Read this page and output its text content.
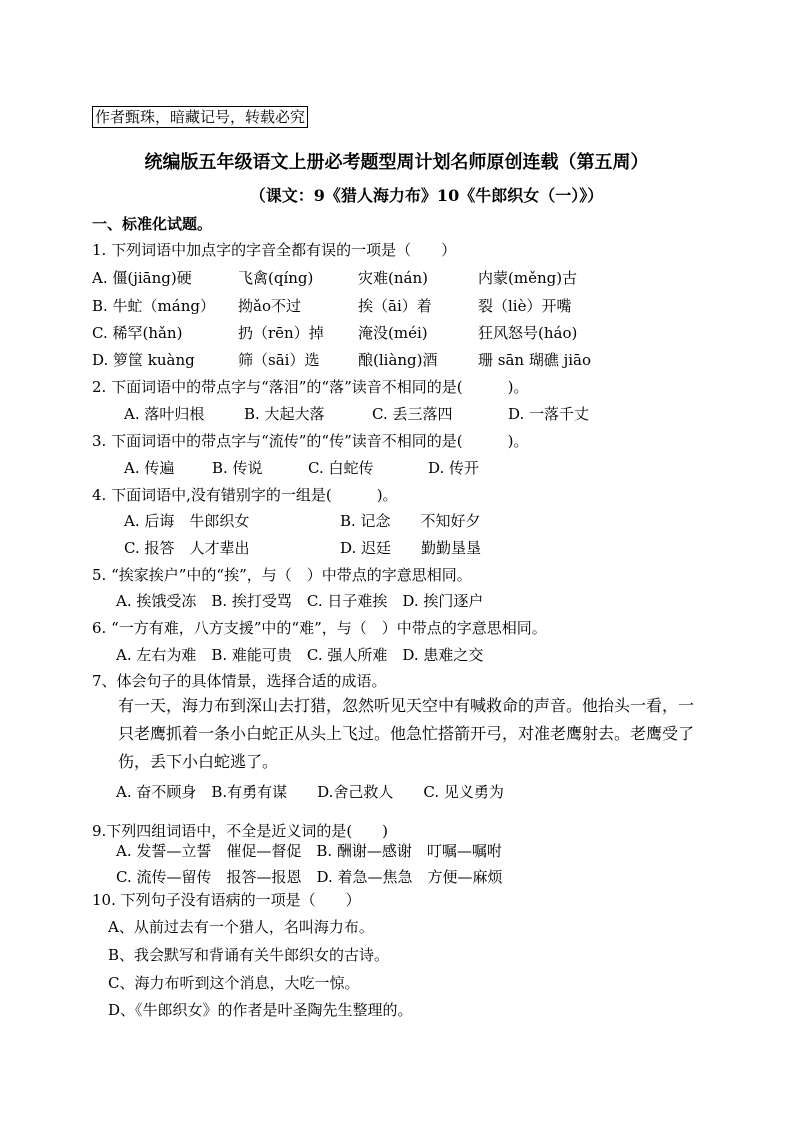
作者甄珠，暗藏记号，转载必究
统编版五年级语文上册必考题型周计划名师原创连载（第五周）
（课文：9《猎人海力布》10《牛郎织女（一）》）
一、标准化试题。
1. 下列词语中加点字的字音全都有误的一项是（　　）
A. 僵(jiāng)硬	飞禽(qíng)	灾难(nán)	内蒙(měng)古
B. 牛虻（máng） 拗ǎo不过	挨（āi）着	裂（liè）开嘴
C. 稀罕(hǎn)	扔（rēn）掉 淹没(méi)	狂风怒号(háo)
D. 箩筐 kuàng	筛（sāi）选	酿(liàng)酒	珊 sān 瑚礁 jiāo
2. 下面词语中的带点字与“落泪”的“落”读音不相同的是(　　　)。
A. 落叶归根	B. 大起大落	C. 丢三落四	D. 一落千丈
3. 下面词语中的带点字与“流传”的“传”读音不相同的是(　　　)。
A. 传遍	B. 传说	C. 白蛇传	D. 传开
4. 下面词语中,没有错别字的一组是(　　　)。
A. 后诲　牛郎织女	B. 记念　　不知好夕
C. 报答　人才辈出	D. 迟廷　　勤勤垦垦
5. “挨家挨户”中的“挨”，与（　）中带点的字意思相同。
A. 挨饿受冻　B. 挨打受骂　C. 日子难挨　D. 挨门逐户
6. “一方有难，八方支援”中的“难”，与（　）中带点的字意思相同。
A. 左右为难　B. 难能可贵　C. 强人所难　D. 患难之交
7、体会句子的具体情景，选择合适的成语。
有一天，海力布到深山去打猎，忽然听见天空中有喊救命的声音。他抬头一看，一只老鹰抓着一条小白蛇正从头上飞过。他急忙搭箭开弓，对准老鹰射去。老鹰受了伤，丢下小白蛇逃了。
A. 奋不顾身　B.有勇有谋　　D.舍己救人　　C. 见义勇为
9.下列四组词语中，不全是近义词的是(　　)
A. 发誓—立誓　催促—督促　B. 酬谢—感谢　叮嘱—嘱咐
C. 流传—留传　报答—报恩　D. 着急—焦急　方便—麻烦
10. 下列句子没有语病的一项是（　　）
A、从前过去有一个猎人，名叫海力布。
B、我会默写和背诵有关牛郎织女的古诗。
C、海力布听到这个消息，大吃一惊。
D、《牛郎织女》的作者是叶圣陶先生整理的。
